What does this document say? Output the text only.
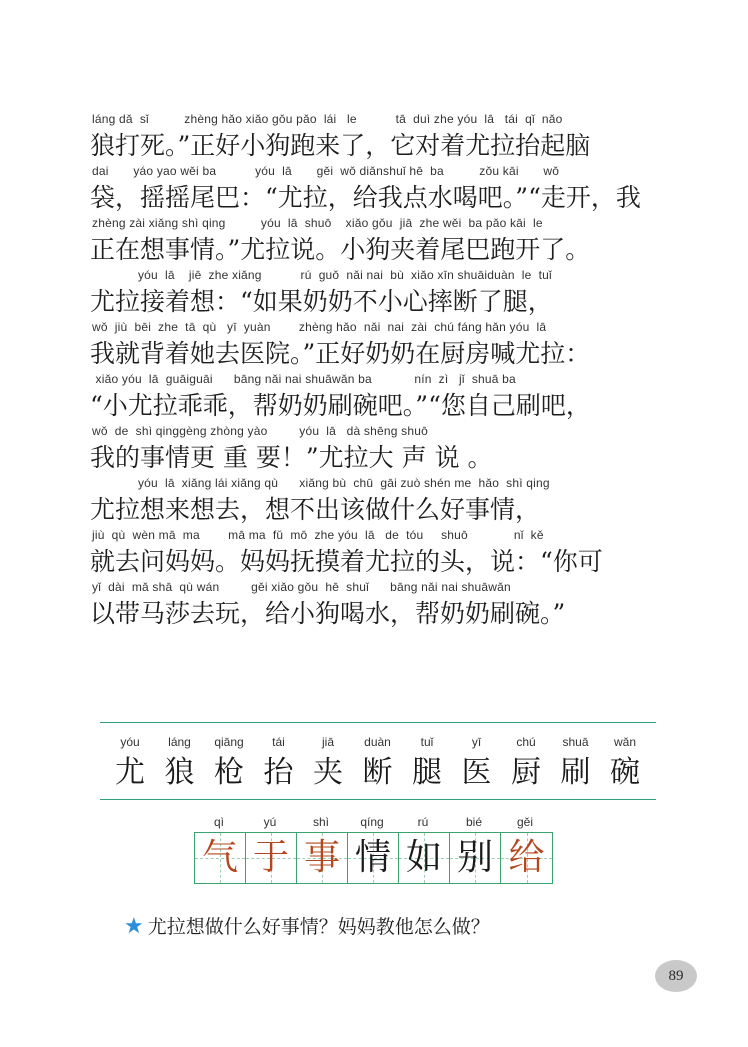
láng dǎ  sǐ          zhèng hǎo xiǎo gǒu pǎo  lái   le           tā  duì zhe yóu  lā   tái  qǐ  nǎo
狼打死。”正好小狗跑来了，它对着尤拉抬起脑
dai       yáo yao wěi ba           yóu  lā       gěi  wǒ diǎnshuǐ hē  ba          zǒu kāi       wǒ
袋，摇摇尾巴：“尤拉，给我点水喝吧。”“走开，我
zhèng zài xiǎng shì qing          yóu  lā  shuō    xiǎo gǒu  jiā  zhe wěi  ba pǎo kāi  le
正在想事情。”尤拉说。小狗夹着尾巴跑开了。
yóu  lā    jiē  zhe xiǎng           rú  guǒ  nǎi nai  bù  xiǎo xīn shuāiduàn  le  tuǐ
尤拉接着想：“如果奶奶不小心摔断了腿，
wǒ  jiù  bēi  zhe  tā  qù   yī  yuàn        zhèng hǎo  nǎi  nai  zài  chú fáng hǎn yóu  lā
我就背着她去医院。”正好奶奶在厨房喊尤拉：
xiǎo yóu  lā  guāiguāi      bāng nǎi nai shuāwǎn ba            nín  zì   jǐ  shuā ba
“小尤拉乖乖，帮奶奶刷碗吧。”“您自己刷吧，
wǒ  de  shì qinggèng zhòng yào         yóu  lā   dà shēng shuō
我的事情更 重 要！”尤拉大 声 说 。
yóu  lā  xiǎng lái xiǎng qù      xiǎng bù  chū  gāi zuò shén me  hǎo  shì qing
尤拉想来想去，想不出该做什么好事情，
jiù  qù  wèn mā  ma        mā ma  fǔ  mō  zhe yóu  lā   de  tóu     shuō             nǐ  kě
就去问妈妈。妈妈抚摸着尤拉的头，说：“你可
yǐ  dài  mǎ shā  qù wán         gěi xiǎo gǒu  hē  shuǐ      bāng nǎi nai shuāwǎn
以带马莎去玩，给小狗喝水，帮奶奶刷碗。”
yóu
尤
láng
狼
qiāng
枪
tái
抬
jiā
夹
duàn
断
tuǐ
腿
yī
医
chú
厨
shuā
刷
wǎn
碗
qì	yú	shì	qíng	rú	bié	gěi
气 于 事 情 如 别 给
★ 尤拉想做什么好事情？妈妈教他怎么做？
89
